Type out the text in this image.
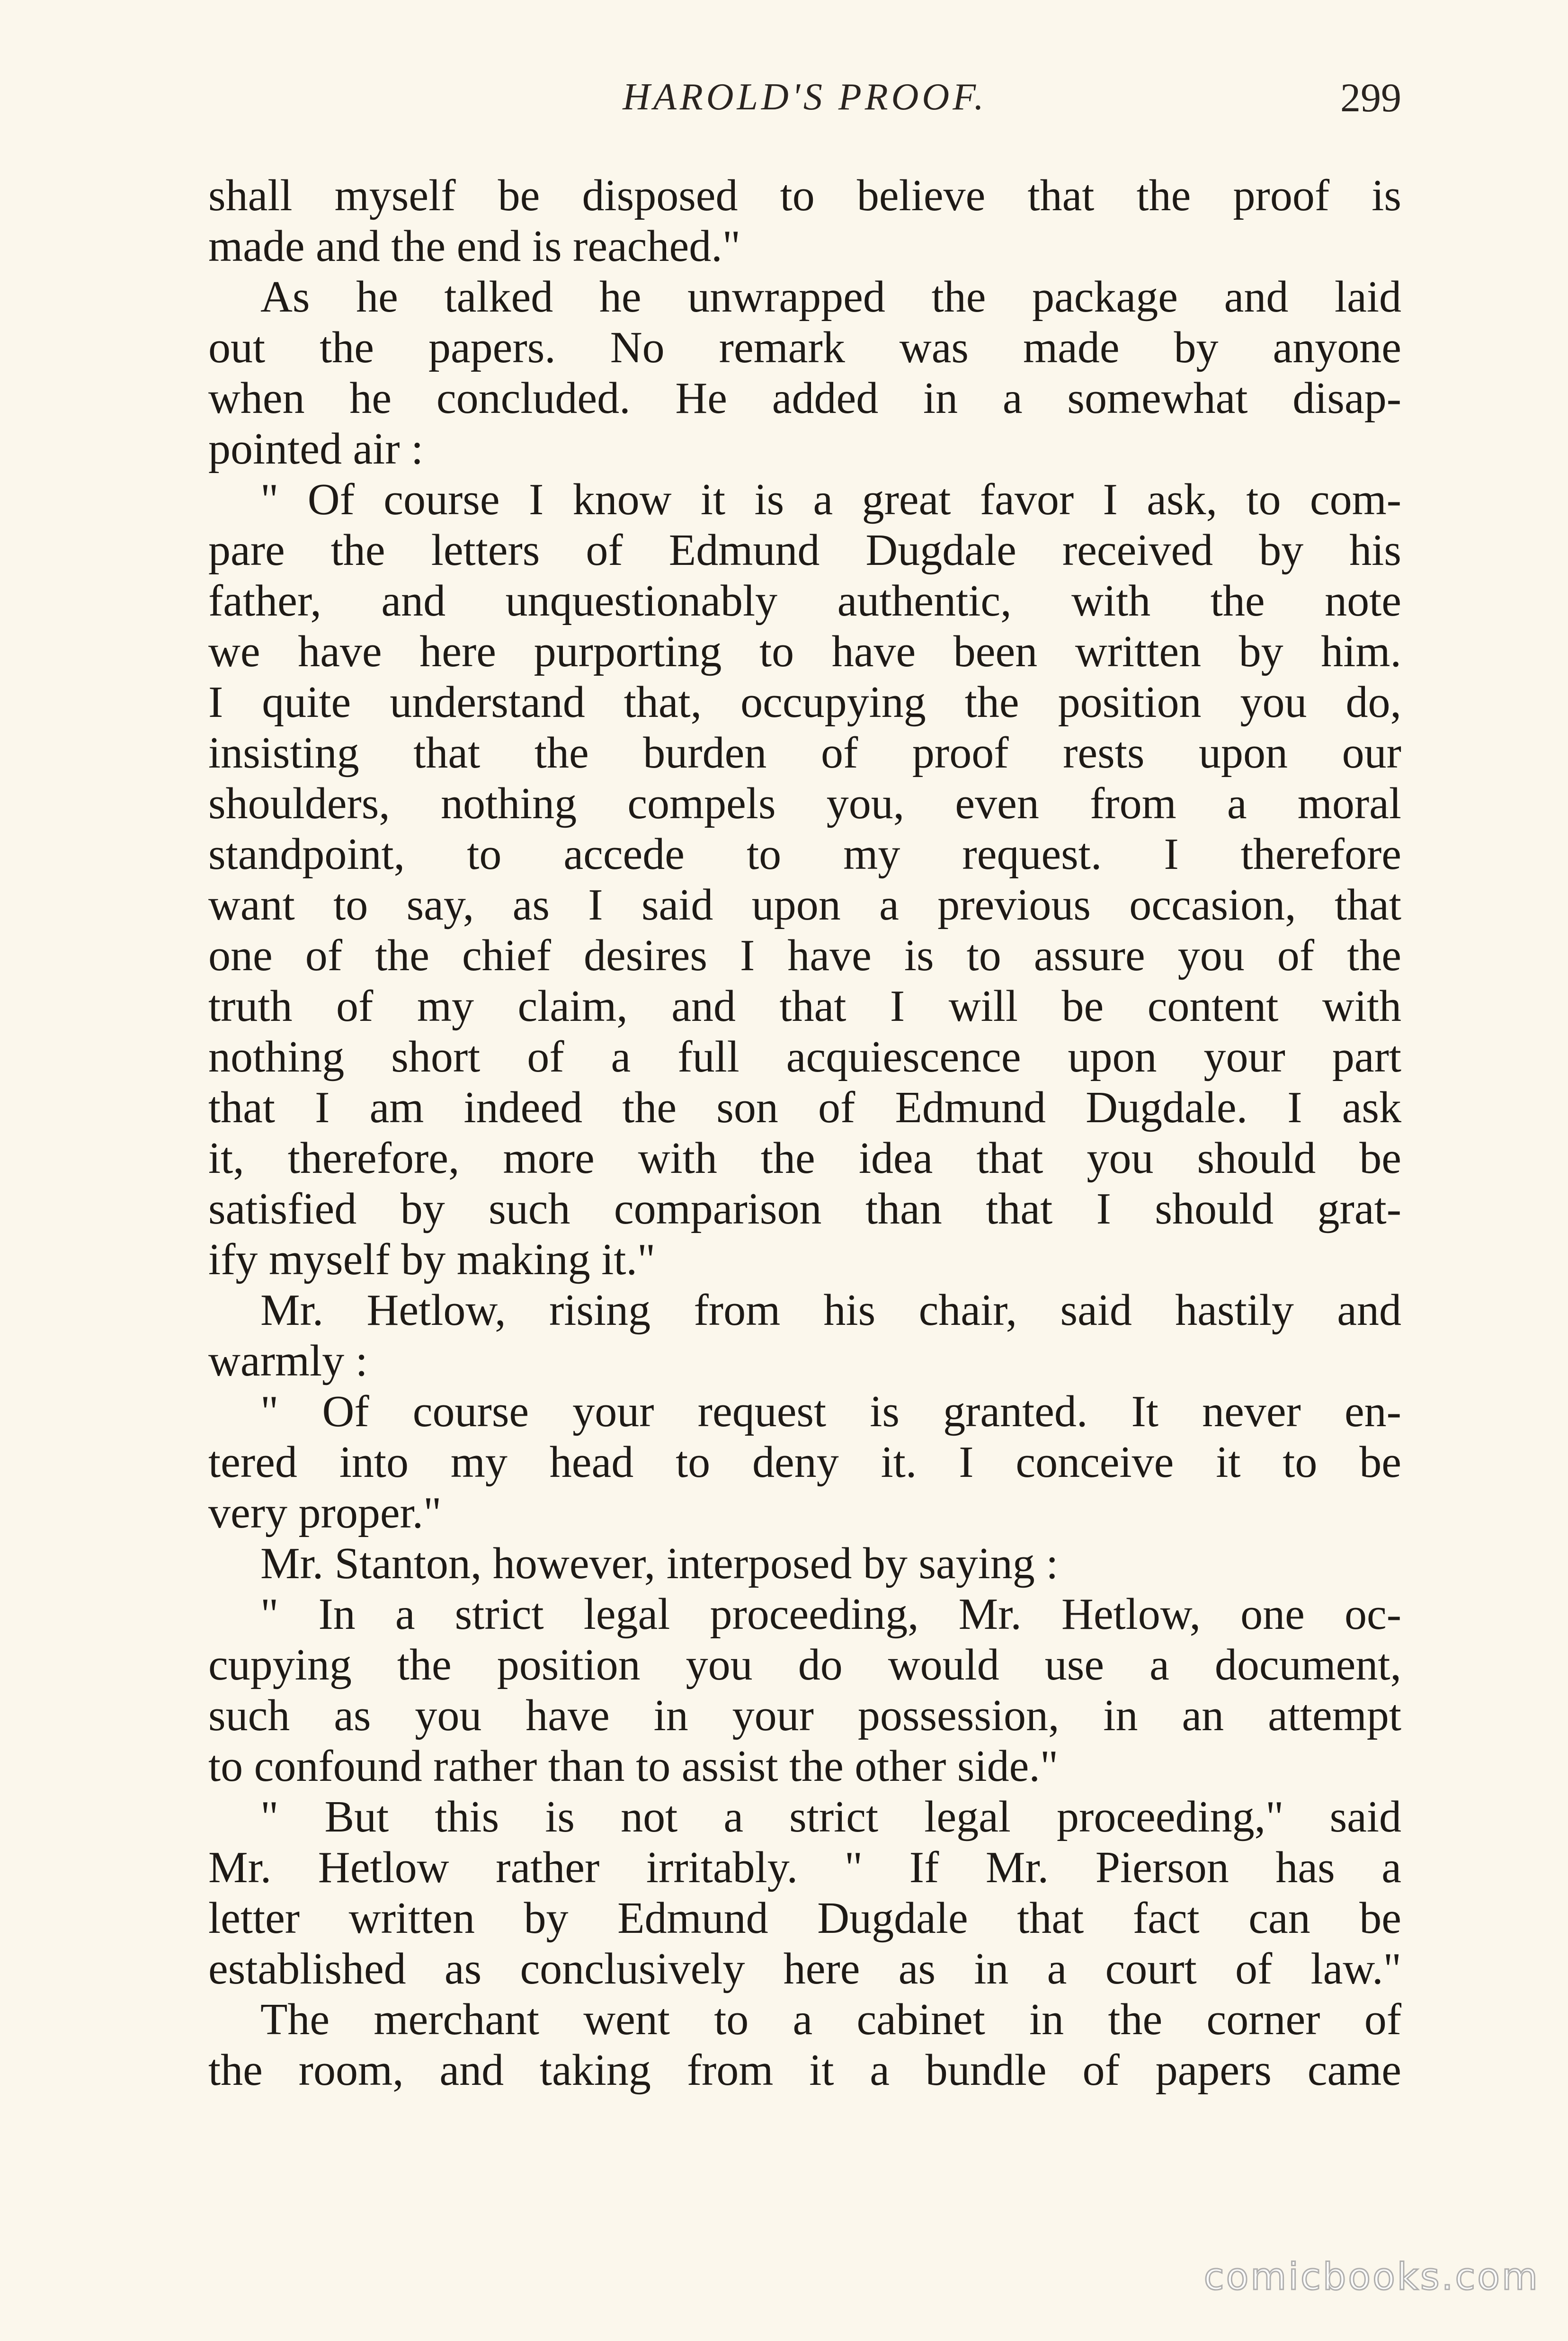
HAROLD'S PROOF.	299
shall myself be disposed to believe that the proof is
made and the end is reached."
As he talked he unwrapped the package and laid
out the papers. No remark was made by anyone
when he concluded. He added in a somewhat disap-
pointed air :
" Of course I know it is a great favor I ask, to com-
pare the letters of Edmund Dugdale received by his
father, and unquestionably authentic, with the note
we have here purporting to have been written by him.
I quite understand that, occupying the position you do,
insisting that the burden of proof rests upon our
shoulders, nothing compels you, even from a moral
standpoint, to accede to my request. I therefore
want to say, as I said upon a previous occasion, that
one of the chief desires I have is to assure you of the
truth of my claim, and that I will be content with
nothing short of a full acquiescence upon your part
that I am indeed the son of Edmund Dugdale. I ask
it, therefore, more with the idea that you should be
satisfied by such comparison than that I should grat-
ify myself by making it."
Mr. Hetlow, rising from his chair, said hastily and
warmly :
" Of course your request is granted. It never en-
tered into my head to deny it. I conceive it to be
very proper."
Mr. Stanton, however, interposed by saying :
" In a strict legal proceeding, Mr. Hetlow, one oc-
cupying the position you do would use a document,
such as you have in your possession, in an attempt
to confound rather than to assist the other side."
" But this is not a strict legal proceeding," said
Mr. Hetlow rather irritably. " If Mr. Pierson has a
letter written by Edmund Dugdale that fact can be
established as conclusively here as in a court of law."
The merchant went to a cabinet in the corner of
the room, and taking from it a bundle of papers came
comicbooks.com
